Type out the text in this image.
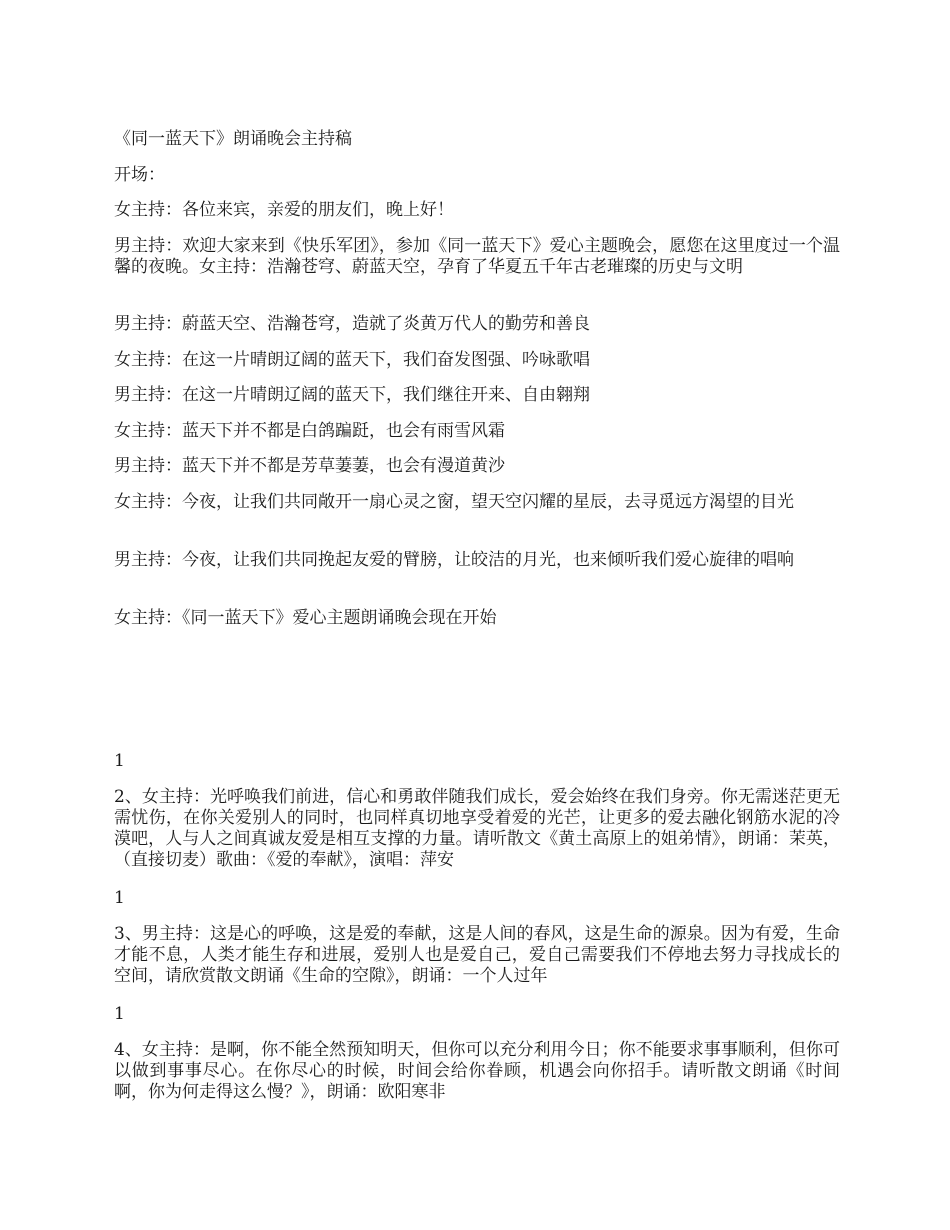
《同一蓝天下》朗诵晚会主持稿

开场：

女主持：各位来宾，亲爱的朋友们，晚上好！

男主持：欢迎大家来到《快乐军团》，参加《同一蓝天下》爱心主题晚会，愿您在这里度过一个温馨的夜晚。女主持：浩瀚苍穹、蔚蓝天空，孕育了华夏五千年古老璀璨的历史与文明

男主持：蔚蓝天空、浩瀚苍穹，造就了炎黄万代人的勤劳和善良

女主持：在这一片晴朗辽阔的蓝天下，我们奋发图强、吟咏歌唱

男主持：在这一片晴朗辽阔的蓝天下，我们继往开来、自由翱翔

女主持：蓝天下并不都是白鸽蹁跹，也会有雨雪风霜

男主持：蓝天下并不都是芳草萋萋，也会有漫道黄沙

女主持：今夜，让我们共同敞开一扇心灵之窗，望天空闪耀的星辰，去寻觅远方渴望的目光

男主持：今夜，让我们共同挽起友爱的臂膀，让皎洁的月光，也来倾听我们爱心旋律的唱响

女主持：《同一蓝天下》爱心主题朗诵晚会现在开始

1

2、女主持：光呼唤我们前进，信心和勇敢伴随我们成长，爱会始终在我们身旁。你无需迷茫更无需忧伤，在你关爱别人的同时，也同样真切地享受着爱的光芒，让更多的爱去融化钢筋水泥的冷漠吧，人与人之间真诚友爱是相互支撑的力量。请听散文《黄土高原上的姐弟情》，朗诵：茉英，（直接切麦）歌曲：《爱的奉献》，演唱：萍安

1

3、男主持：这是心的呼唤，这是爱的奉献，这是人间的春风，这是生命的源泉。因为有爱，生命才能不息，人类才能生存和进展，爱别人也是爱自己，爱自己需要我们不停地去努力寻找成长的空间，请欣赏散文朗诵《生命的空隙》，朗诵：一个人过年

1

4、女主持：是啊，你不能全然预知明天，但你可以充分利用今日；你不能要求事事顺利，但你可以做到事事尽心。在你尽心的时候，时间会给你眷顾，机遇会向你招手。请听散文朗诵《时间啊，你为何走得这么慢？》，朗诵：欧阳寒非
